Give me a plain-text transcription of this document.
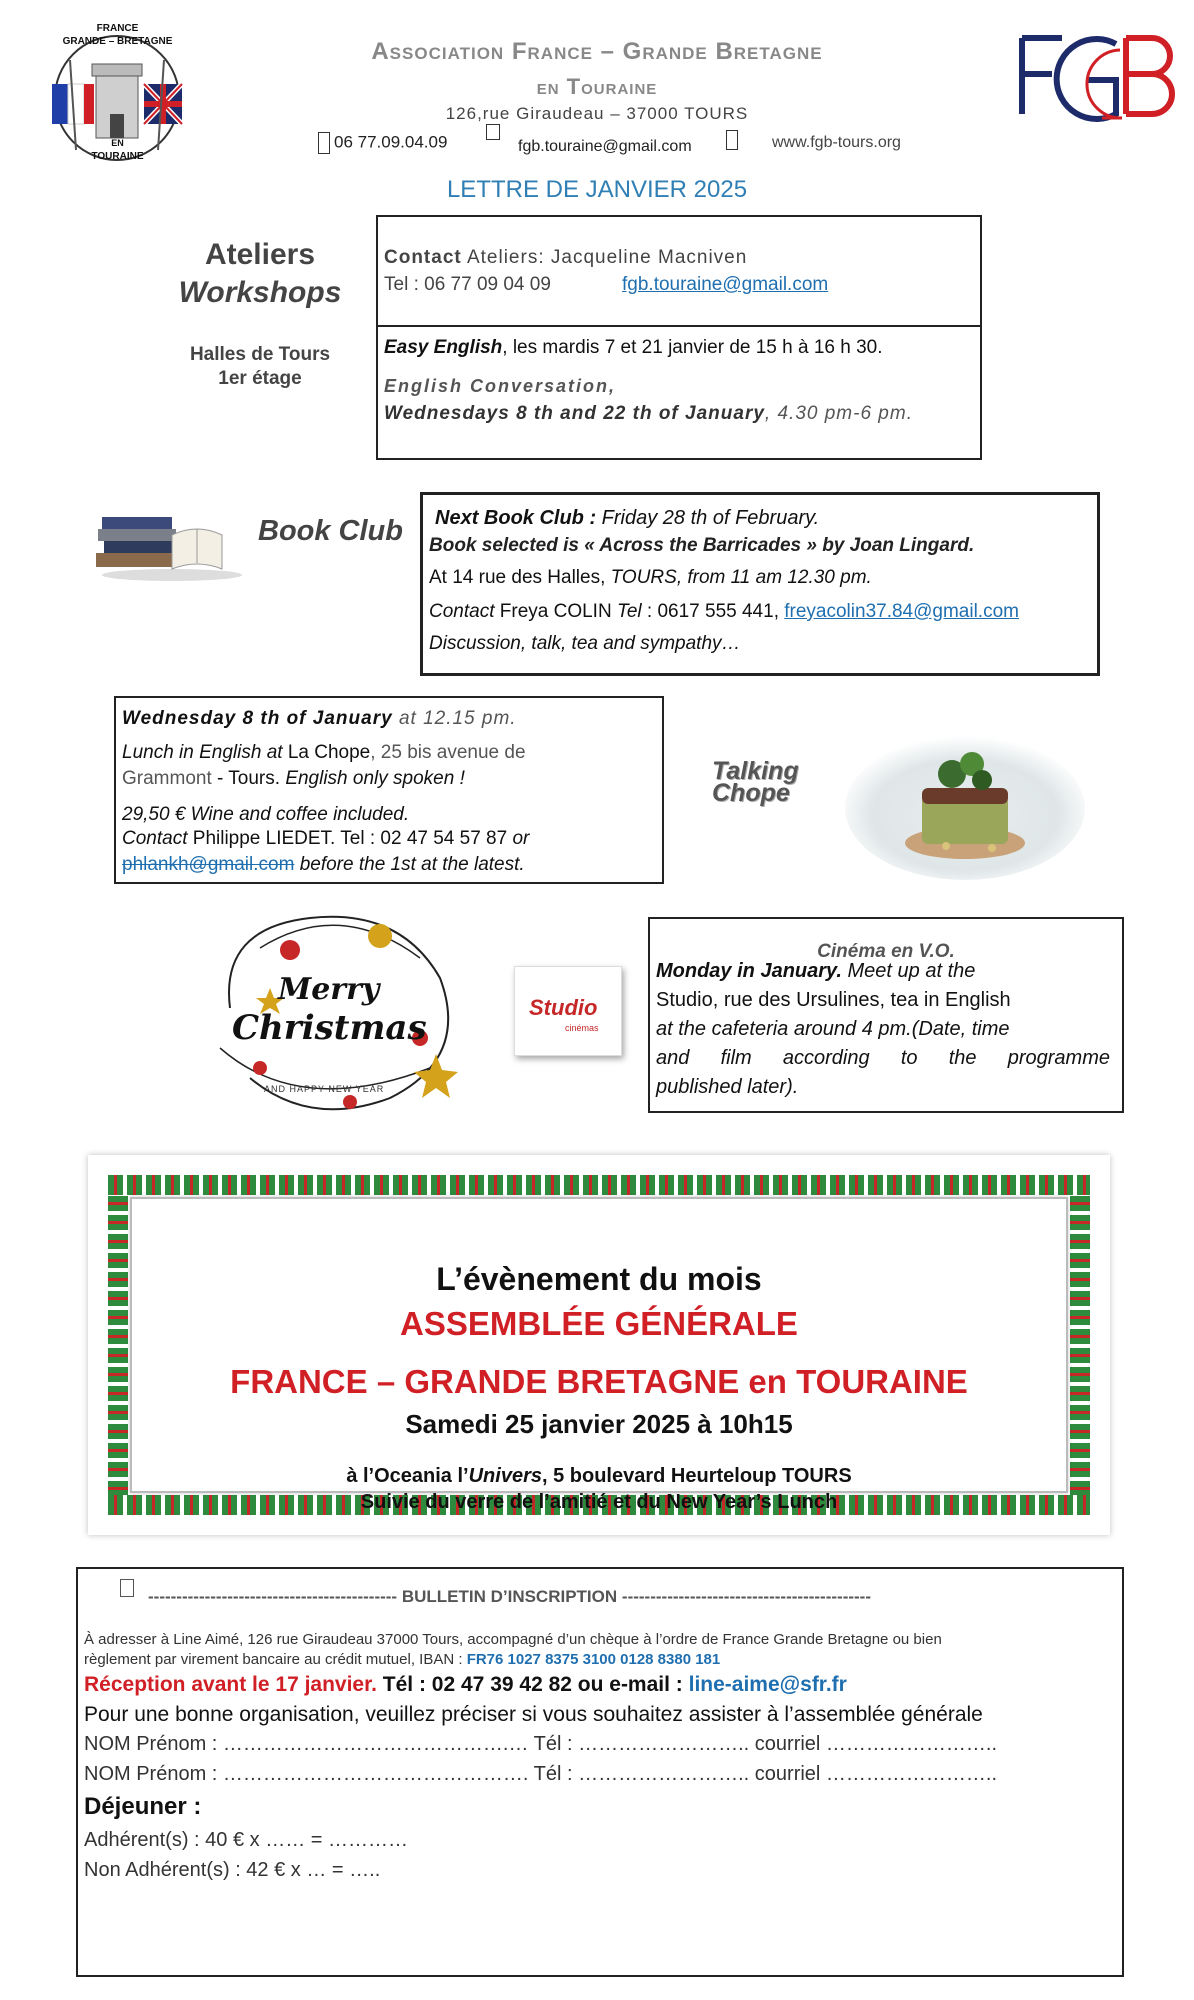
FRANCE
GRANDE – BRETAGNE
EN
TOURAINE
Association France – Grande Bretagne
en Touraine
126,rue Giraudeau – 37000 TOURS
06 77.09.04.09	fgb.touraine@gmail.com	www.fgb-tours.org
LETTRE DE JANVIER 2025
Ateliers
Workshops
Halles de Tours
1er étage
Contact Ateliers: Jacqueline Macniven
Tel : 06 77 09 04 09	fgb.touraine@gmail.com
Easy English, les mardis 7 et 21 janvier de 15 h à 16 h 30.
English Conversation,
Wednesdays 8 th and 22 th of January, 4.30 pm-6 pm.
Book Club Next Book Club : Friday 28 th of February.
Book selected is « Across the Barricades » by Joan Lingard.
At 14 rue des Halles, TOURS, from 11 am 12.30 pm.
Contact Freya COLIN Tel : 0617 555 441, freyacolin37.84@gmail.com
Discussion, talk, tea and sympathy…
Wednesday 8 th of January at 12.15 pm.
Lunch in English at La Chope, 25 bis avenue de
Grammont - Tours. English only spoken !
29,50 € Wine and coffee included.
Contact Philippe LIEDET. Tel : 02 47 54 57 87 or
phlankh@gmail.com before the 1st at the latest.
Talking
Chope
Merry
Christmas
AND HAPPY NEW YEAR
Studio
cinémas
Cinéma en V.O.
Monday in January. Meet up at the
Studio, rue des Ursulines, tea in English
at the cafeteria around 4 pm.(Date, time
and film according to the programme
published later).
L’évènement du mois
ASSEMBLÉE GÉNÉRALE
FRANCE – GRANDE BRETAGNE en TOURAINE
Samedi 25 janvier 2025 à 10h15
à l’Oceania l’Univers, 5 boulevard Heurteloup TOURS
Suivie du verre de l’amitié et du New Year’s Lunch
-------------------------------------------- BULLETIN D’INSCRIPTION --------------------------------------------
À adresser à Line Aimé, 126 rue Giraudeau 37000 Tours, accompagné d’un chèque à l’ordre de France Grande Bretagne ou bien
règlement par virement bancaire au crédit mutuel, IBAN : FR76 1027 8375 3100 0128 8380 181
Réception avant le 17 janvier. Tél : 02 47 39 42 82 ou e-mail : line-aime@sfr.fr
Pour une bonne organisation, veuillez préciser si vous souhaitez assister à l’assemblée générale
NOM Prénom : …………………………………….… Tél : …………………….. courriel ……………………..
NOM Prénom : ………………………………………. Tél : …………………….. courriel ……………………..
Déjeuner :
Adhérent(s) : 40 € x …… = …………
Non Adhérent(s) : 42 € x … = …..
